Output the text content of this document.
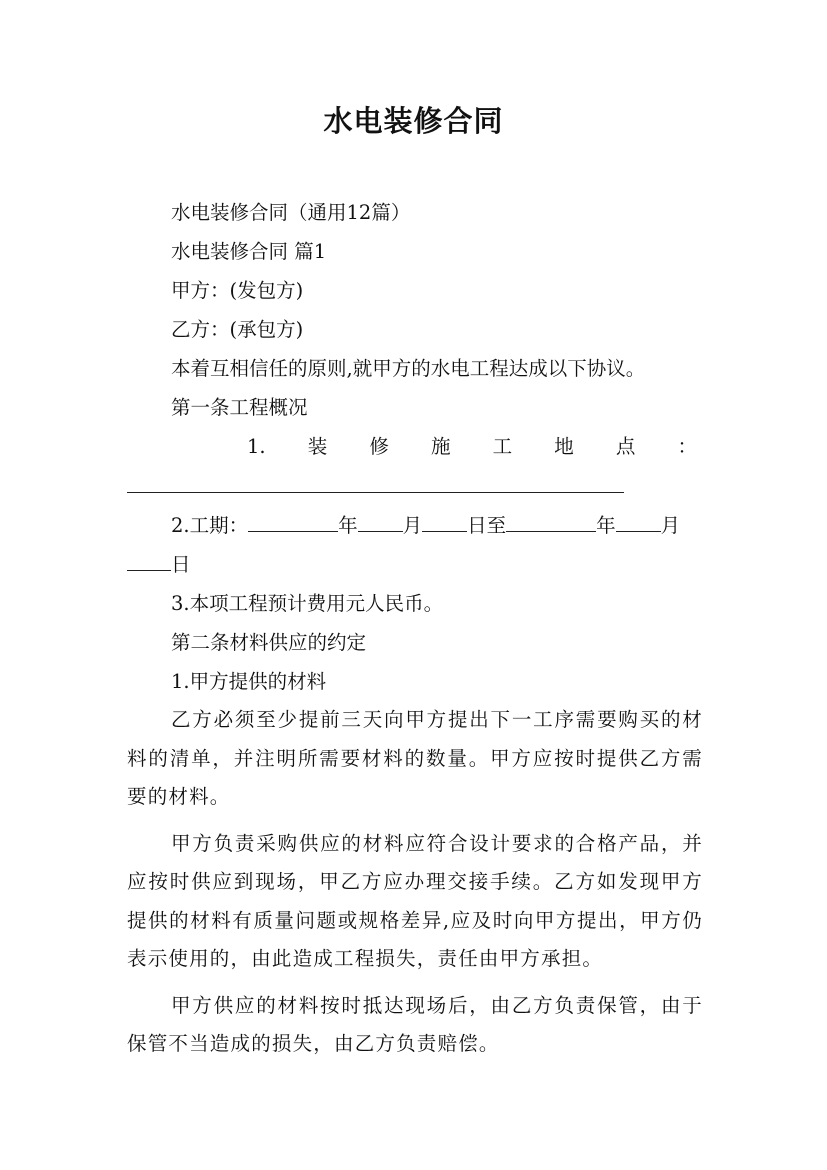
水电装修合同
水电装修合同（通用12篇）
水电装修合同 篇1
甲方：(发包方)
乙方：(承包方)
本着互相信任的原则,就甲方的水电工程达成以下协议。
第一条工程概况
1. 装 修 施 工 地 点 ：
2.工期：	年 月 日至	年 月
日
3.本项工程预计费用元人民币。
第二条材料供应的约定
1.甲方提供的材料
乙方必须至少提前三天向甲方提出下一工序需要购买的材料的清单，并注明所需要材料的数量。甲方应按时提供乙方需要的材料。
甲方负责采购供应的材料应符合设计要求的合格产品，并应按时供应到现场，甲乙方应办理交接手续。乙方如发现甲方提供的材料有质量问题或规格差异,应及时向甲方提出，甲方仍表示使用的，由此造成工程损失，责任由甲方承担。
甲方供应的材料按时抵达现场后，由乙方负责保管，由于保管不当造成的损失，由乙方负责赔偿。
